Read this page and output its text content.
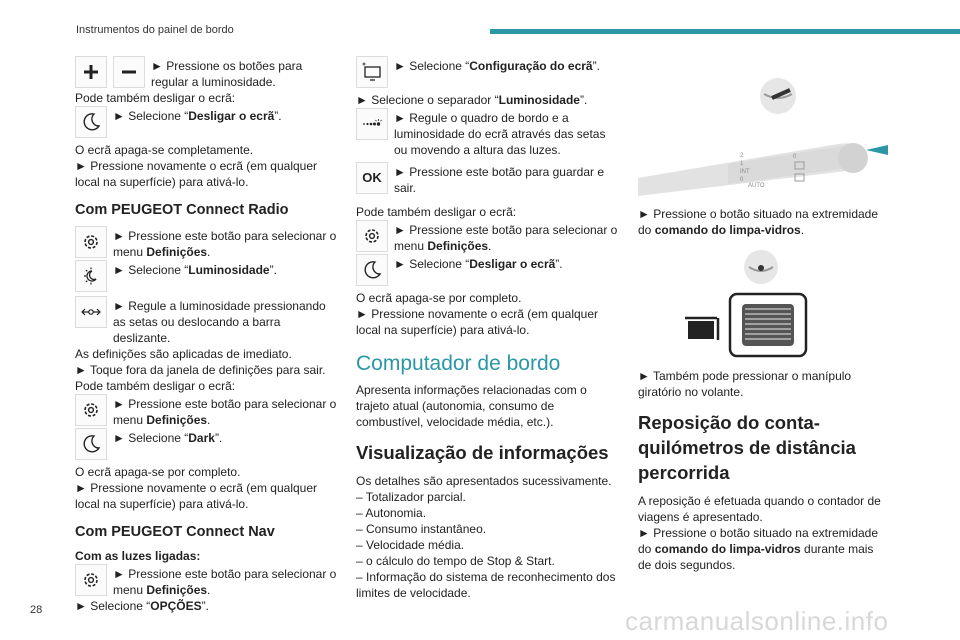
Instrumentos do painel de bordo

► Pressione os botões para regular a luminosidade.

Pode também desligar o ecrã:

► Selecione “Desligar o ecrã”.

O ecrã apaga-se completamente.

► Pressione novamente o ecrã (em qualquer local na superfície) para ativá-lo.

Com PEUGEOT Connect Radio

► Pressione este botão para selecionar o menu Definições.

► Selecione “Luminosidade”.

► Regule a luminosidade pressionando as setas ou deslocando a barra deslizante.

As definições são aplicadas de imediato.

► Toque fora da janela de definições para sair.

Pode também desligar o ecrã:

► Pressione este botão para selecionar o menu Definições.

► Selecione “Dark”.

O ecrã apaga-se por completo.

► Pressione novamente o ecrã (em qualquer local na superfície) para ativá-lo.

Com PEUGEOT Connect Nav

Com as luzes ligadas:

► Pressione este botão para selecionar o menu Definições.

► Selecione “OPÇÕES”.

► Selecione “Configuração do ecrã”.

► Selecione o separador “Luminosidade”.

► Regule o quadro de bordo e a luminosidade do ecrã através das setas ou movendo a altura das luzes.

OK	► Pressione este botão para guardar e sair.

Pode também desligar o ecrã:

► Pressione este botão para selecionar o menu Definições.

► Selecione “Desligar o ecrã”.

O ecrã apaga-se por completo.

► Pressione novamente o ecrã (em qualquer local na superfície) para ativá-lo.

Computador de bordo

Apresenta informações relacionadas com o trajeto atual (autonomia, consumo de combustível, velocidade média, etc.).

Visualização de informações

Os detalhes são apresentados sucessivamente.

– Totalizador parcial.

– Autonomia.

– Consumo instantâneo.

– Velocidade média.

– o cálculo do tempo de Stop & Start.

– Informação do sistema de reconhecimento dos limites de velocidade.

2
1
INT
0
AUTO
0

► Pressione o botão situado na extremidade do comando do limpa-vidros.

► Também pode pressionar o manípulo giratório no volante.

Reposição do conta-quilómetros de distância percorrida

A reposição é efetuada quando o contador de viagens é apresentado.

► Pressione o botão situado na extremidade do comando do limpa-vidros durante mais de dois segundos.

28	carmanualsonline.info
